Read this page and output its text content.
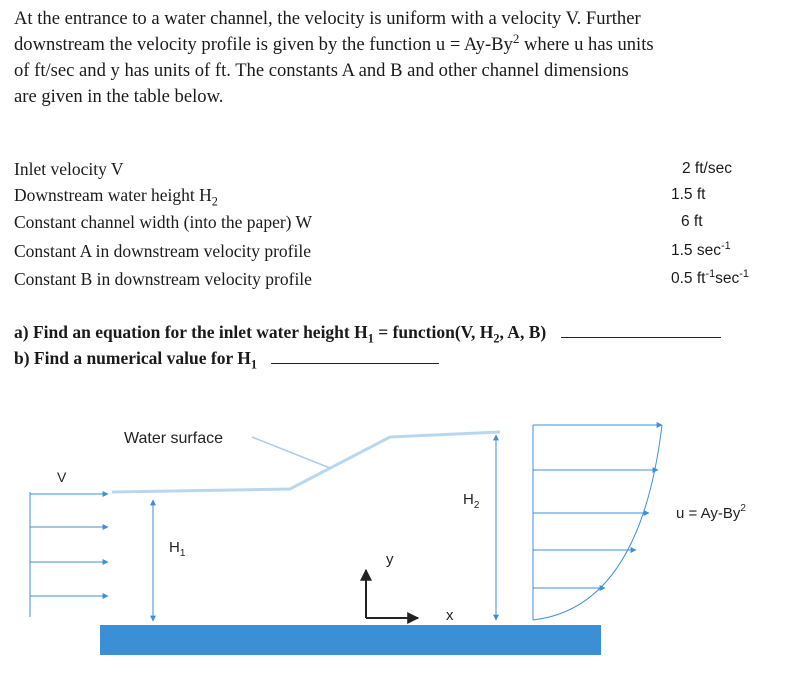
At the entrance to a water channel, the velocity is uniform with a velocity V. Further downstream the velocity profile is given by the function $u = Ay-By^2$ where u has units of ft/sec and y has units of ft. The constants A and B and other channel dimensions are given in the table below.

Inlet velocity V	2 ft/sec
Downstream water height $H_2$	1.5 ft
Constant channel width (into the paper) W	6 ft
Constant A in downstream velocity profile	1.5 $\sec^{-1}$
Constant B in downstream velocity profile	0.5 $ft^{-1}\sec^{-1}$
a) Find an equation for the inlet water height $H_1$ = function(V, $H_2$, A, B)
b) Find a numerical value for $H_1$
Water surface
V
$H_1$	y
x
$H_2$	$u = Ay-By^2$
